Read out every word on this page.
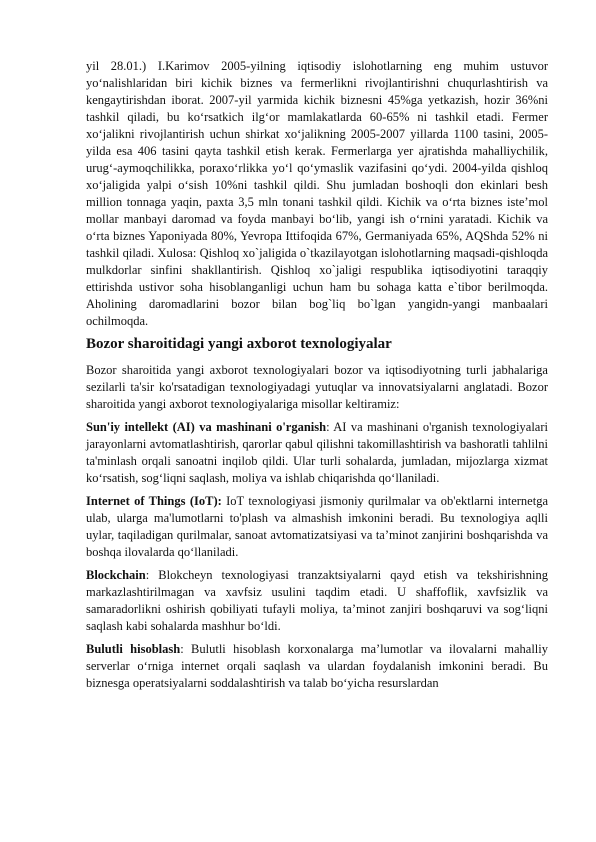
yil 28.01.) I.Karimov 2005-yilning iqtisodiy islohotlarning eng muhim ustuvor yo‘nalishlaridan biri kichik biznes va fermerlikni rivojlantirishni chuqurlashtirish va kengaytirishdan iborat. 2007-yil yarmida kichik biznesni 45%ga yetkazish, hozir 36%ni tashkil qiladi, bu ko‘rsatkich ilg‘or mamlakatlarda 60-65% ni tashkil etadi. Fermer xo‘jalikni rivojlantirish uchun shirkat xo‘jalikning 2005-2007 yillarda 1100 tasini, 2005-yilda esa 406 tasini qayta tashkil etish kerak. Fermerlarga yer ajratishda mahalliychilik, urug‘-aymoqchilikka, poraxo‘rlikka yo‘l qo‘ymaslik vazifasini qo‘ydi. 2004-yilda qishloq xo‘jaligida yalpi o‘sish 10%ni tashkil qildi. Shu jumladan boshoqli don ekinlari besh million tonnaga yaqin, paxta 3,5 mln tonani tashkil qildi. Kichik va o‘rta biznes iste’mol mollar manbayi daromad va foyda manbayi bo‘lib, yangi ish o‘rnini yaratadi. Kichik va o‘rta biznes Yaponiyada 80%, Yevropa Ittifoqida 67%, Germaniyada 65%, AQShda 52% ni tashkil qiladi. Xulosa: Qishloq xo`jaligida o`tkazilayotgan islohotlarning maqsadi-qishloqda mulkdorlar sinfini shakllantirish. Qishloq xo`jaligi respublika iqtisodiyotini taraqqiy ettirishda ustivor soha hisoblanganligi uchun ham bu sohaga katta e`tibor berilmoqda. Aholining daromadlarini bozor bilan bog`liq bo`lgan yangidn-yangi manbaalari ochilmoqda.

Bozor sharoitidagi yangi axborot texnologiyalar

Bozor sharoitida yangi axborot texnologiyalari bozor va iqtisodiyotning turli jabhalariga sezilarli ta'sir ko'rsatadigan texnologiyadagi yutuqlar va innovatsiyalarni anglatadi. Bozor sharoitida yangi axborot texnologiyalariga misollar keltiramiz:

Sun'iy intellekt (AI) va mashinani o'rganish: AI va mashinani o'rganish texnologiyalari jarayonlarni avtomatlashtirish, qarorlar qabul qilishni takomillashtirish va bashoratli tahlilni ta'minlash orqali sanoatni inqilob qildi. Ular turli sohalarda, jumladan, mijozlarga xizmat ko‘rsatish, sog‘liqni saqlash, moliya va ishlab chiqarishda qo‘llaniladi.

Internet of Things (IoT): IoT texnologiyasi jismoniy qurilmalar va ob'ektlarni internetga ulab, ularga ma'lumotlarni to'plash va almashish imkonini beradi. Bu texnologiya aqlli uylar, taqiladigan qurilmalar, sanoat avtomatizatsiyasi va ta’minot zanjirini boshqarishda va boshqa ilovalarda qo‘llaniladi.

Blockchain: Blokcheyn texnologiyasi tranzaktsiyalarni qayd etish va tekshirishning markazlashtirilmagan va xavfsiz usulini taqdim etadi. U shaffoflik, xavfsizlik va samaradorlikni oshirish qobiliyati tufayli moliya, ta’minot zanjiri boshqaruvi va sog‘liqni saqlash kabi sohalarda mashhur bo‘ldi.

Bulutli hisoblash: Bulutli hisoblash korxonalarga ma’lumotlar va ilovalarni mahalliy serverlar o‘rniga internet orqali saqlash va ulardan foydalanish imkonini beradi. Bu biznesga operatsiyalarni soddalashtirish va talab bo‘yicha resurslardan
